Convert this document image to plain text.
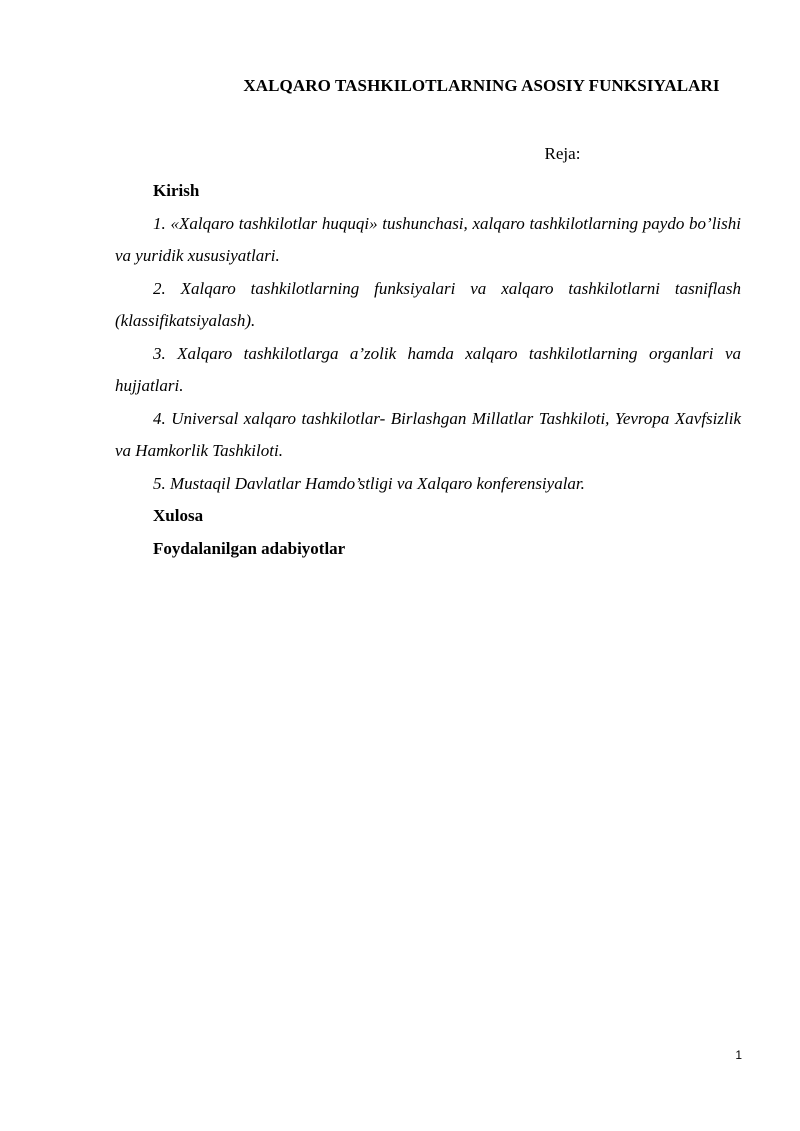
XALQARO TASHKILOTLARNING ASOSIY FUNKSIYALARI
Reja:

Kirish

1. «Xalqaro tashkilotlar huquqi» tushunchasi, xalqaro tashkilotlarning paydo bo’lishi va yuridik xususiyatlari.

2. Xalqaro tashkilotlarning funksiyalari va xalqaro tashkilotlarni tasniflash (klassifikatsiyalash).

3. Xalqaro tashkilotlarga a’zolik hamda xalqaro tashkilotlarning organlari va hujjatlari.

4. Universal xalqaro tashkilotlar- Birlashgan Millatlar Tashkiloti, Yevropa Xavfsizlik va Hamkorlik Tashkiloti.

5. Mustaqil Davlatlar Hamdo’stligi va Xalqaro konferensiyalar.

Xulosa

Foydalanilgan adabiyotlar

1
